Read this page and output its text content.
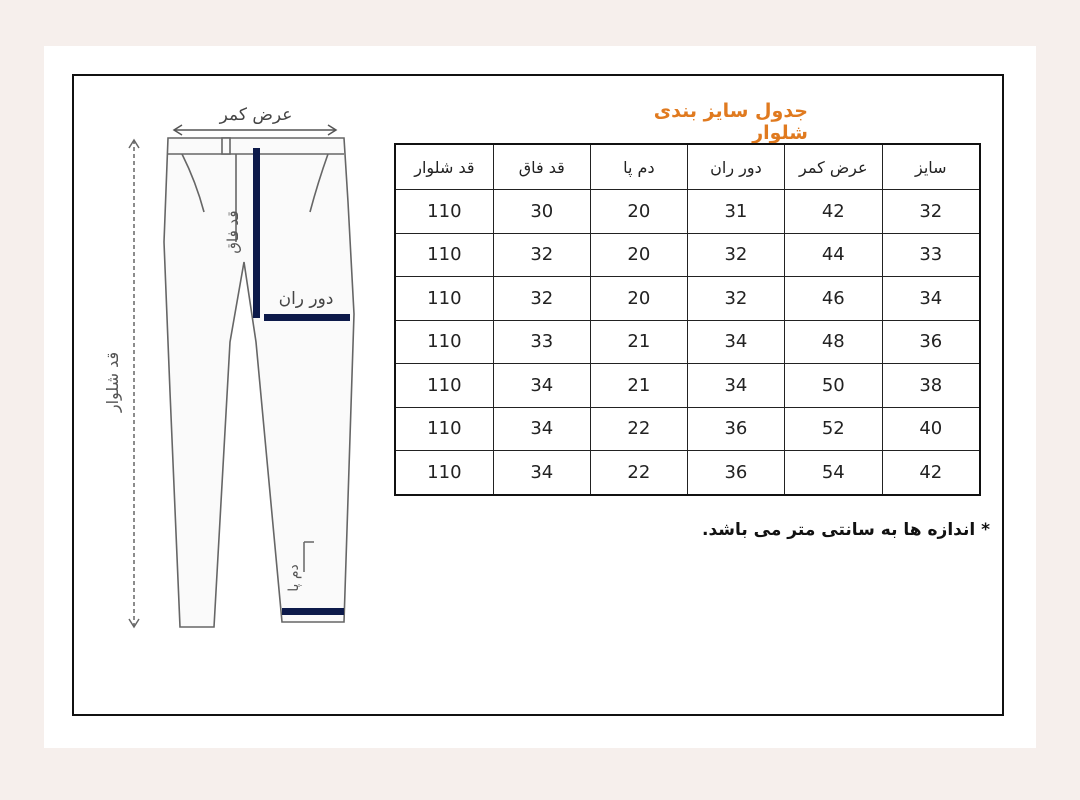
عرض کمر
قد شلوار
قد فاق
دور ران
دم پا
جدول سایز بندی شلوار
سایز	عرض کمر	دور ران	دم پا	قد فاق	قد شلوار
32	42	31	20	30	110
33	44	32	20	32	110
34	46	32	20	32	110
36	48	34	21	33	110
38	50	34	21	34	110
40	52	36	22	34	110
42	54	36	22	34	110
* اندازه ها به سانتی متر می باشد.
